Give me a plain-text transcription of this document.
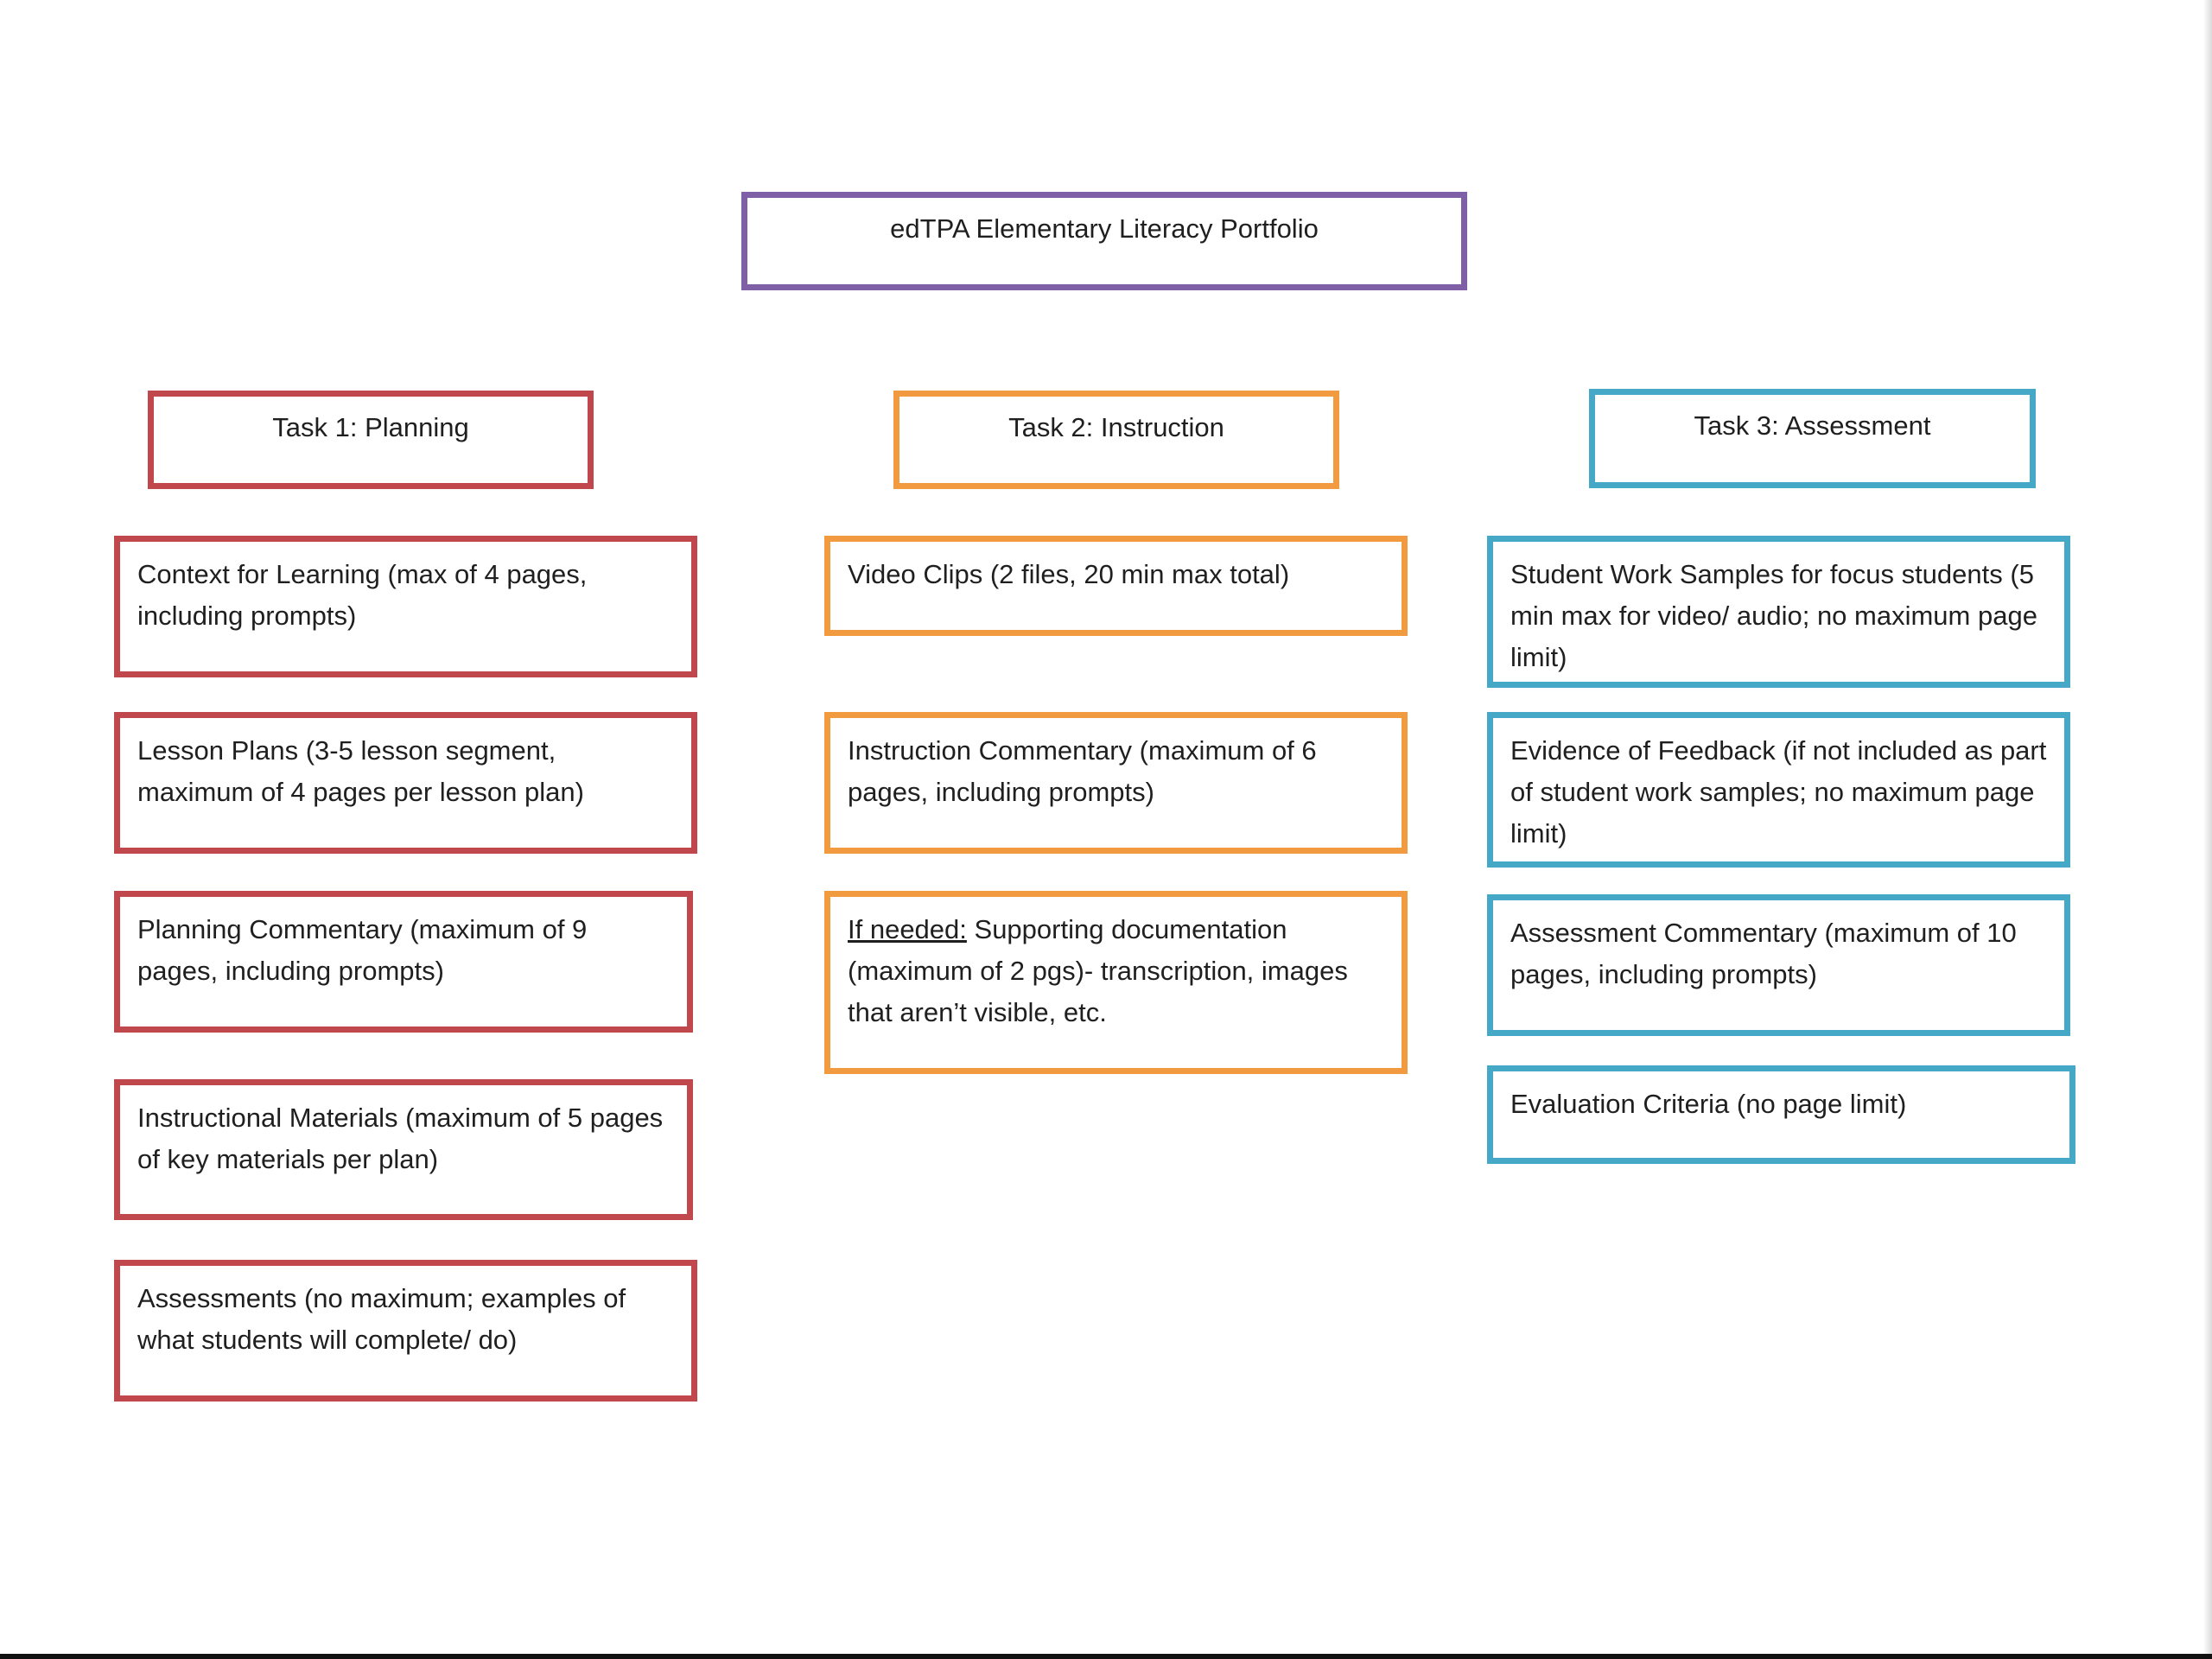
edTPA Elementary Literacy Portfolio
Task 1: Planning	Task 2: Instruction	Task 3: Assessment
Context for Learning (max of 4 pages, including prompts)
Lesson Plans (3-5 lesson segment, maximum of 4 pages per lesson plan)
Planning Commentary (maximum of 9 pages, including prompts)
Instructional Materials (maximum of 5 pages of key materials per plan)
Assessments (no maximum; examples of what students will complete/ do)
Video Clips (2 files, 20 min max total)
Instruction Commentary (maximum of 6 pages, including prompts)
If needed: Supporting documentation (maximum of 2 pgs)- transcription, images that aren’t visible, etc.
Student Work Samples for focus students (5 min max for video/ audio; no maximum page limit)
Evidence of Feedback (if not included as part of student work samples; no maximum page limit)
Assessment Commentary (maximum of 10 pages, including prompts)
Evaluation Criteria (no page limit)
